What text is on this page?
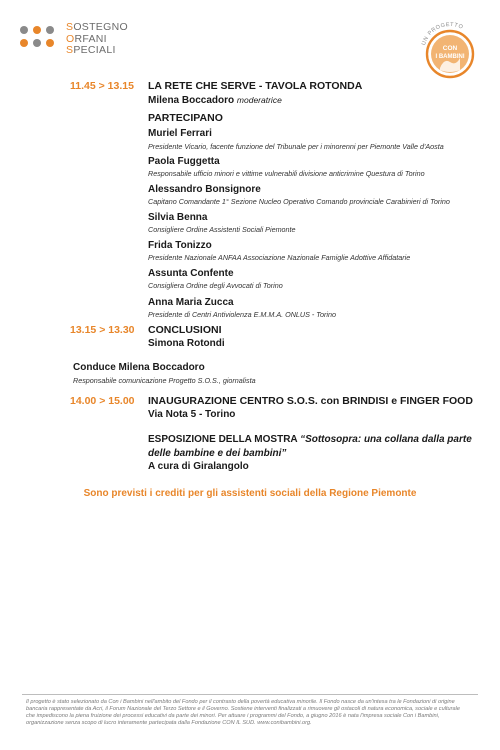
SOSTEGNO
ORFANI
SPECIALI
UN PROGETTO
CON
I BAMBINI
11.45 > 13.15 LA RETE CHE SERVE - TAVOLA ROTONDA
Milena Boccadoro moderatrice
PARTECIPANO
Muriel Ferrari
Presidente Vicario, facente funzione del Tribunale per i minorenni per Piemonte Valle d'Aosta
Paola Fuggetta
Responsabile ufficio minori e vittime vulnerabili divisione anticrimine Questura di Torino
Alessandro Bonsignore
Capitano Comandante 1° Sezione Nucleo Operativo Comando provinciale Carabinieri di Torino
Silvia Benna
Consigliere Ordine Assistenti Sociali Piemonte
Frida Tonizzo
Presidente Nazionale ANFAA Associazione Nazionale Famiglie Adottive Affidatarie
Assunta Confente
Consigliera Ordine degli Avvocati di Torino
Anna Maria Zucca
Presidente di Centri Antiviolenza E.M.M.A. ONLUS - Torino
13.15 > 13.30 CONCLUSIONI
Simona Rotondi
Conduce Milena Boccadoro
Responsabile comunicazione Progetto S.O.S., giornalista
14.00 > 15.00 INAUGURAZIONE CENTRO S.O.S. con BRINDISI e FINGER FOOD
Via Nota 5 - Torino
ESPOSIZIONE DELLA MOSTRA “Sottosopra: una collana dalla parte
delle bambine e dei bambini”
A cura di Giralangolo
Sono previsti i crediti per gli assistenti sociali della Regione Piemonte
Il progetto è stato selezionato da Con i Bambini nell'ambito del Fondo per il contrasto della povertà educativa minorile. Il Fondo nasce da un'intesa tra le Fondazioni di origine
bancaria rappresentate da Acri, il Forum Nazionale del Terzo Settore e il Governo. Sostiene interventi finalizzati a rimuovere gli ostacoli di natura economica, sociale e culturale
che impediscono la piena fruizione dei processi educativi da parte dei minori. Per attuare i programmi del Fondo, a giugno 2016 è nata l'impresa sociale Con i Bambini,
organizzazione senza scopo di lucro interamente partecipata dalla Fondazione CON IL SUD. www.conibambini.org.
